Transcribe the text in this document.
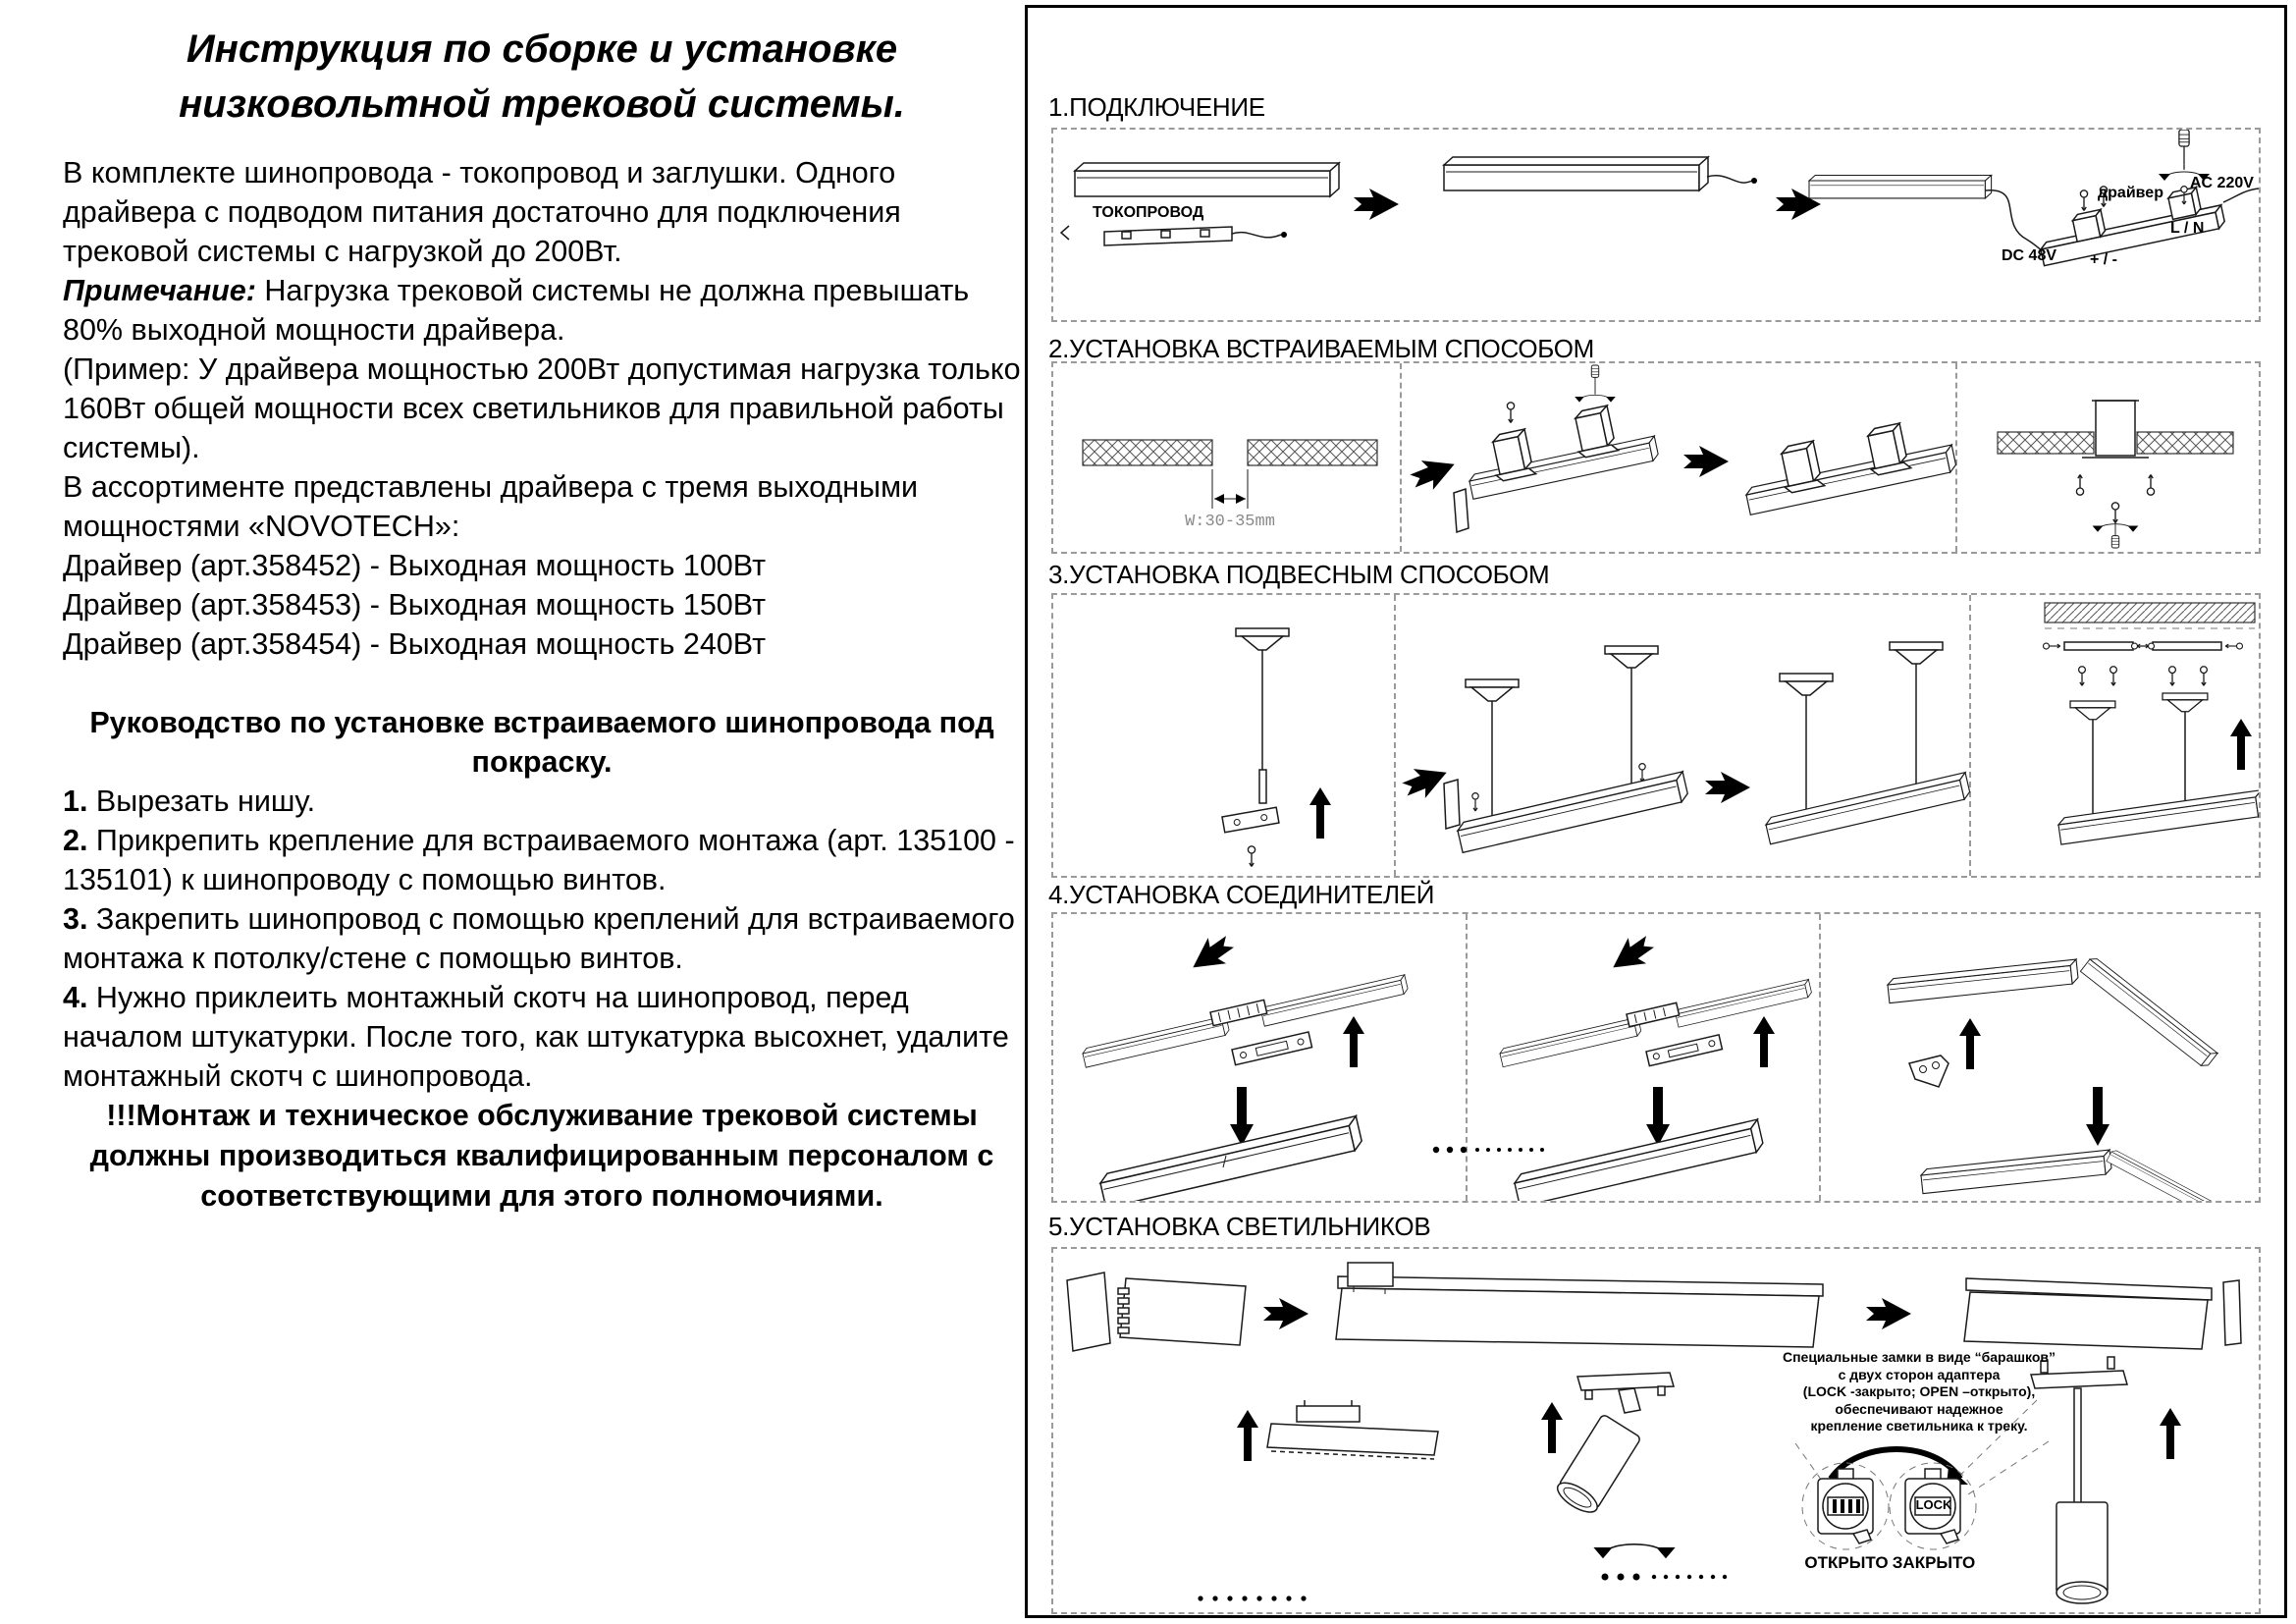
Инструкция по сборке и установке низковольтной трековой системы.

В комплекте шинопровода - токопровод и заглушки. Одного драйвера с подводом питания достаточно для подключения трековой системы с нагрузкой до 200Вт.

Примечание: Нагрузка трековой системы не должна превышать 80% выходной мощности драйвера.

(Пример: У драйвера мощностью 200Вт допустимая нагрузка только 160Вт общей мощности всех светильников для правильной работы системы).

В ассортименте представлены драйвера с тремя выходными мощностями «NOVOTECH»:

Драйвер (арт.358452) - Выходная мощность 100Вт

Драйвер (арт.358453) - Выходная мощность 150Вт

Драйвер (арт.358454) - Выходная мощность 240Вт

Руководство по установке встраиваемого шинопровода под покраску.

1. Вырезать нишу.

2. Прикрепить крепление для встраиваемого монтажа (арт. 135100 - 135101) к шинопроводу с помощью винтов.

3. Закрепить шинопровод с помощью креплений для встраиваемого монтажа к потолку/стене с помощью винтов.

4. Нужно приклеить монтажный скотч на шинопровод, перед началом штукатурки. После того, как штукатурка высохнет, удалите монтажный скотч с шинопровода.

!!!Монтаж и техническое обслуживание трековой системы должны производиться квалифицированным персоналом с соответствующими для этого полномочиями.

1.ПОДКЛЮЧЕНИЕ
2.УСТАНОВКА ВСТРАИВАЕМЫМ СПОСОБОМ
3.УСТАНОВКА ПОДВЕСНЫМ СПОСОБОМ
4.УСТАНОВКА СОЕДИНИТЕЛЕЙ
5.УСТАНОВКА СВЕТИЛЬНИКОВ
ТОКОПРОВОД
DC 48V + / -
L / N
драйвер
AC 220V
W:30-35mm
Специальные замки в виде “барашков”
с двух сторон адаптера
(LOCK -закрыто; OPEN –открыто),
обеспечивают надежное
крепление светильника к треку.
LOCK
ОТКРЫТО ЗАКРЫТО
